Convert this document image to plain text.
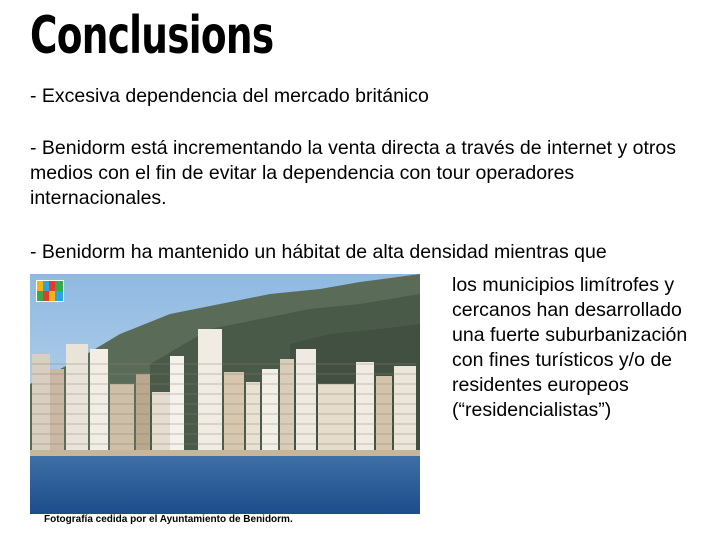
Conclusions
- Excesiva dependencia del mercado británico
- Benidorm está incrementando la venta directa a través de internet y otros medios con el fin de evitar la dependencia con tour operadores internacionales.
- Benidorm ha mantenido un hábitat de alta densidad mientras que
los municipios limítrofes y cercanos han desarrollado una fuerte suburbanización con fines turísticos y/o de residentes europeos (“residencialistas”)
Fotografía cedida por el Ayuntamiento de Benidorm.
